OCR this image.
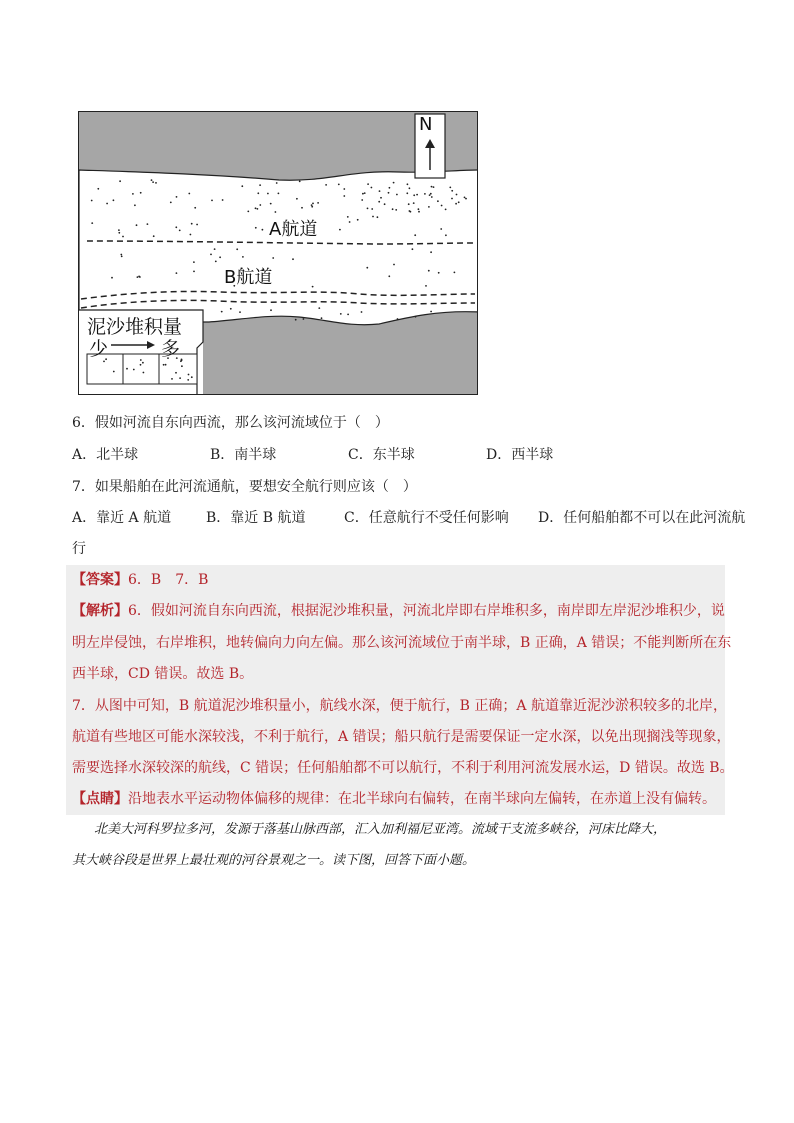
N
A航道
B航道
泥沙堆积量
少	多
6．假如河流自东向西流，那么该河流域位于（　）
A．北半球	B．南半球	C．东半球	D．西半球
7．如果船舶在此河流通航，要想安全航行则应该（　）
A．靠近 A 航道 B．靠近 B 航道	C．任意航行不受任何影响 D．任何船舶都不可以在此河流航
行
【答案】6．B　7．B
【解析】6．假如河流自东向西流，根据泥沙堆积量，河流北岸即右岸堆积多，南岸即左岸泥沙堆积少，说
明左岸侵蚀，右岸堆积，地转偏向力向左偏。那么该河流域位于南半球，B 正确，A 错误；不能判断所在东
西半球，CD 错误。故选 B。
7．从图中可知，B 航道泥沙堆积量小，航线水深，便于航行，B 正确；A 航道靠近泥沙淤积较多的北岸，
航道有些地区可能水深较浅，不利于航行，A 错误；船只航行是需要保证一定水深，以免出现搁浅等现象，
需要选择水深较深的航线，C 错误；任何船舶都不可以航行，不利于利用河流发展水运，D 错误。故选 B。
【点睛】沿地表水平运动物体偏移的规律：在北半球向右偏转，在南半球向左偏转，在赤道上没有偏转。
北美大河科罗拉多河，发源于落基山脉西部，汇入加利福尼亚湾。流域干支流多峡谷，河床比降大，
其大峡谷段是世界上最壮观的河谷景观之一。读下图，回答下面小题。
